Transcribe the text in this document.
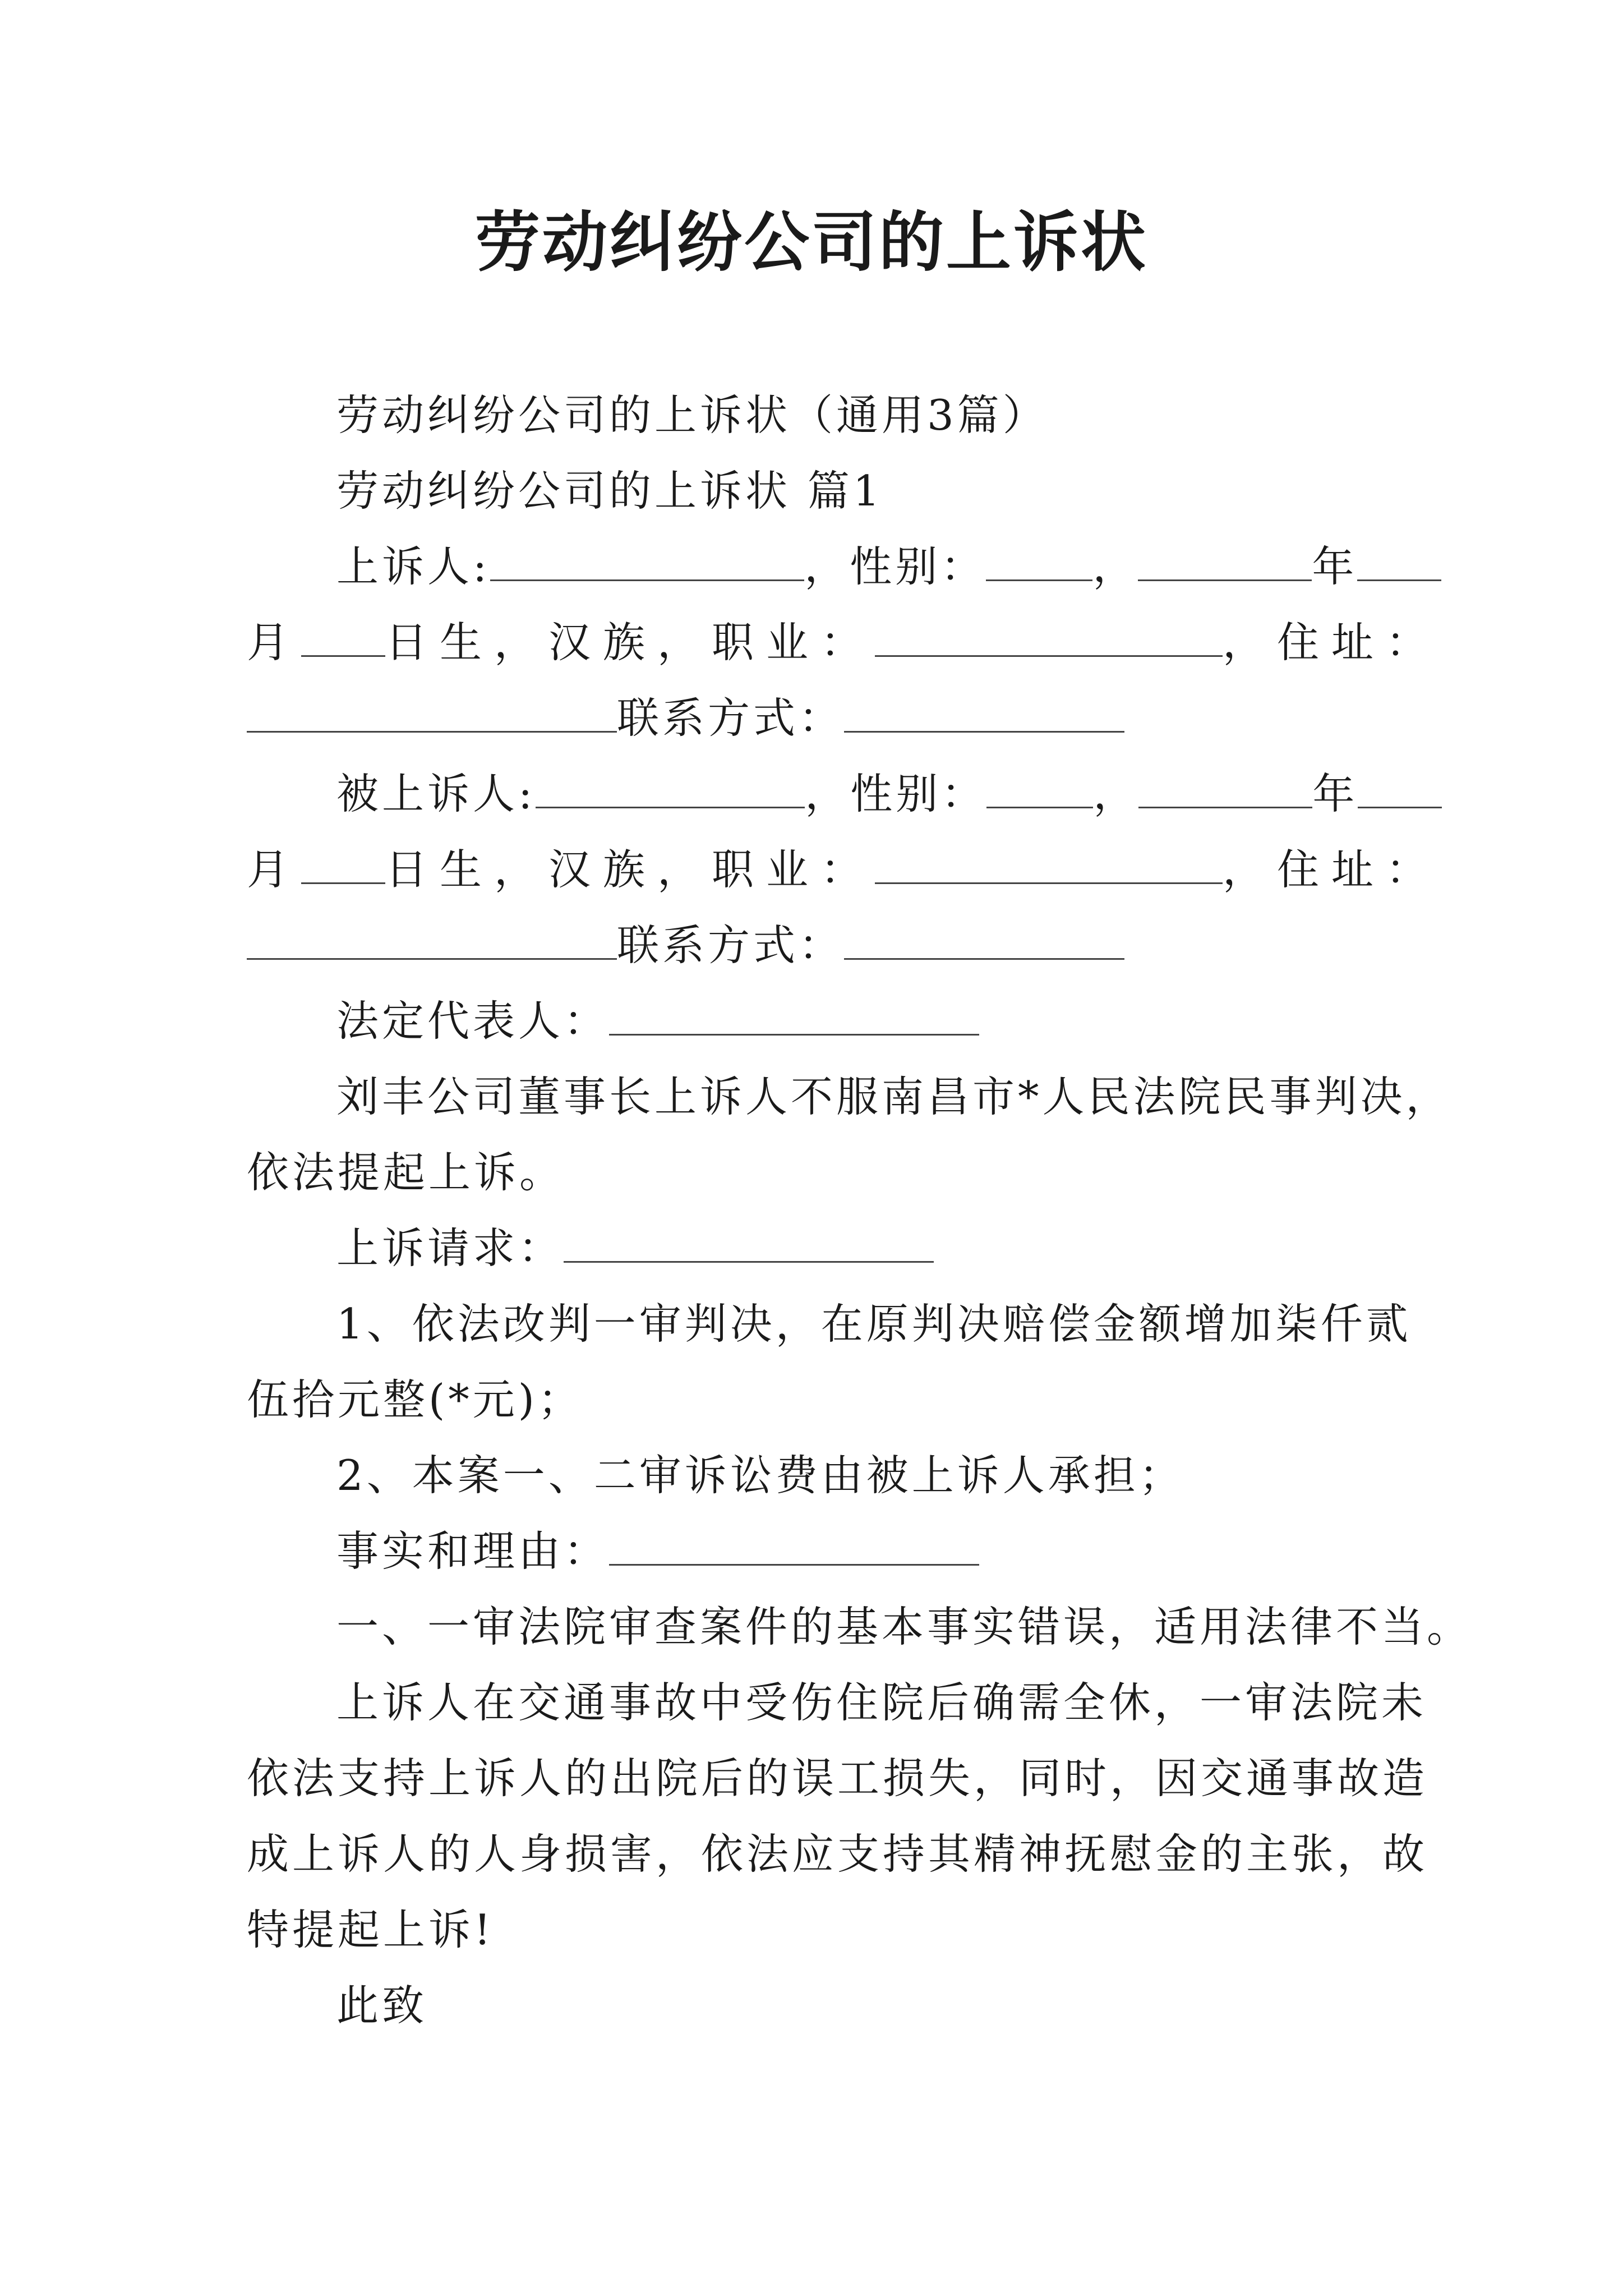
劳动纠纷公司的上诉状
劳动纠纷公司的上诉状（通用3篇）
劳动纠纷公司的上诉状 篇1
上诉人:	，性别：	，	年
月 日生，汉族，职业：	，住址：
联系方式：
被上诉人:	，性别：	，	年
月 日生，汉族，职业：	，住址：
联系方式：
法定代表人：
刘丰公司董事长上诉人不服南昌市*人民法院民事判决，
依法提起上诉。
上诉请求：
1、依法改判一审判决，在原判决赔偿金额增加柒仟贰
伍拾元整(*元)；
2、本案一、二审诉讼费由被上诉人承担；
事实和理由：
一、一审法院审查案件的基本事实错误，适用法律不当。
上诉人在交通事故中受伤住院后确需全休，一审法院未
依法支持上诉人的出院后的误工损失，同时，因交通事故造
成上诉人的人身损害，依法应支持其精神抚慰金的主张，故
特提起上诉!
此致
